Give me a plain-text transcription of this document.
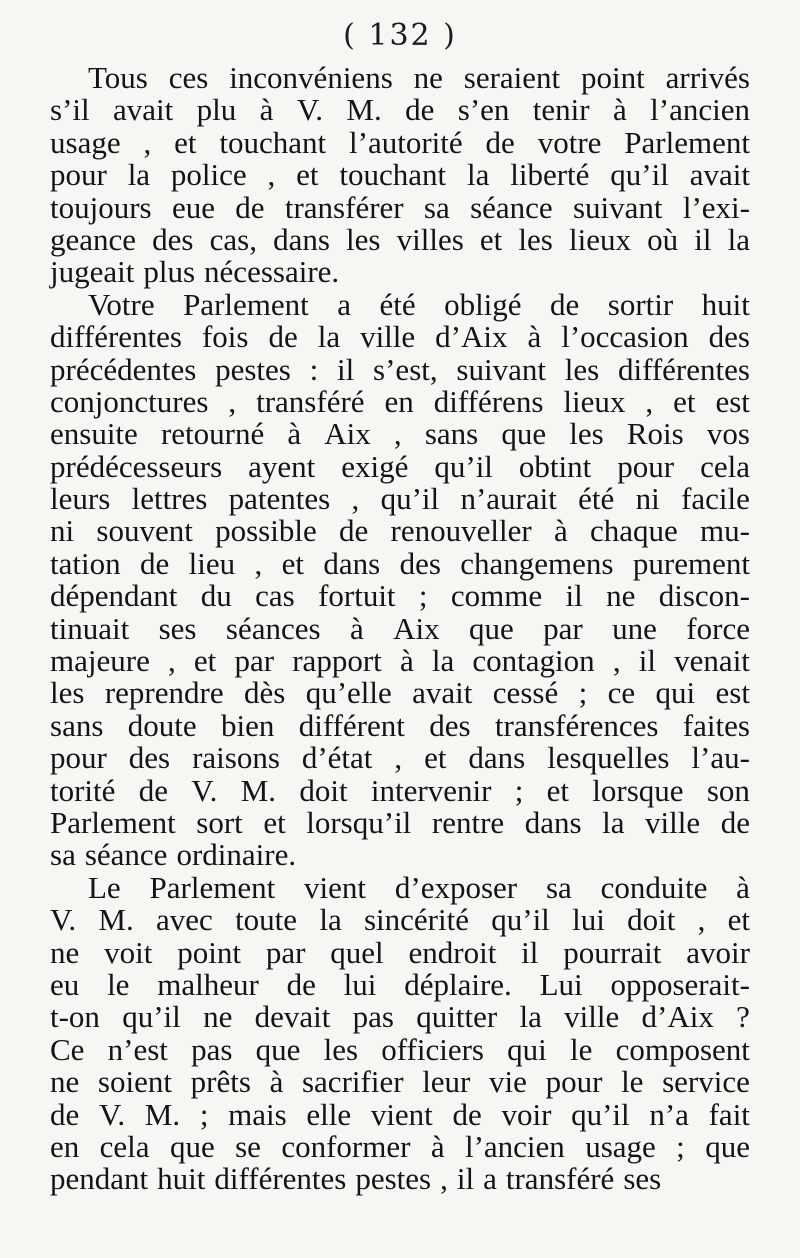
( 132 )
Tous ces inconvéniens ne seraient point arrivés
s’il avait plu à V. M. de s’en tenir à l’ancien
usage , et touchant l’autorité de votre Parlement
pour la police , et touchant la liberté qu’il avait
toujours eue de transférer sa séance suivant l’exi-
geance des cas, dans les villes et les lieux où il la
jugeait plus nécessaire.
Votre Parlement a été obligé de sortir huit
différentes fois de la ville d’Aix à l’occasion des
précédentes pestes : il s’est, suivant les différentes
conjonctures , transféré en différens lieux , et est
ensuite retourné à Aix , sans que les Rois vos
prédécesseurs ayent exigé qu’il obtint pour cela
leurs lettres patentes , qu’il n’aurait été ni facile
ni souvent possible de renouveller à chaque mu-
tation de lieu , et dans des changemens purement
dépendant du cas fortuit ; comme il ne discon-
tinuait ses séances à Aix que par une force
majeure , et par rapport à la contagion , il venait
les reprendre dès qu’elle avait cessé ; ce qui est
sans doute bien différent des transférences faites
pour des raisons d’état , et dans lesquelles l’au-
torité de V. M. doit intervenir ; et lorsque son
Parlement sort et lorsqu’il rentre dans la ville de
sa séance ordinaire.
Le Parlement vient d’exposer sa conduite à
V. M. avec toute la sincérité qu’il lui doit , et
ne voit point par quel endroit il pourrait avoir
eu le malheur de lui déplaire. Lui opposerait-
t-on qu’il ne devait pas quitter la ville d’Aix ?
Ce n’est pas que les officiers qui le composent
ne soient prêts à sacrifier leur vie pour le service
de V. M. ; mais elle vient de voir qu’il n’a fait
en cela que se conformer à l’ancien usage ; que
pendant huit différentes pestes , il a transféré ses
